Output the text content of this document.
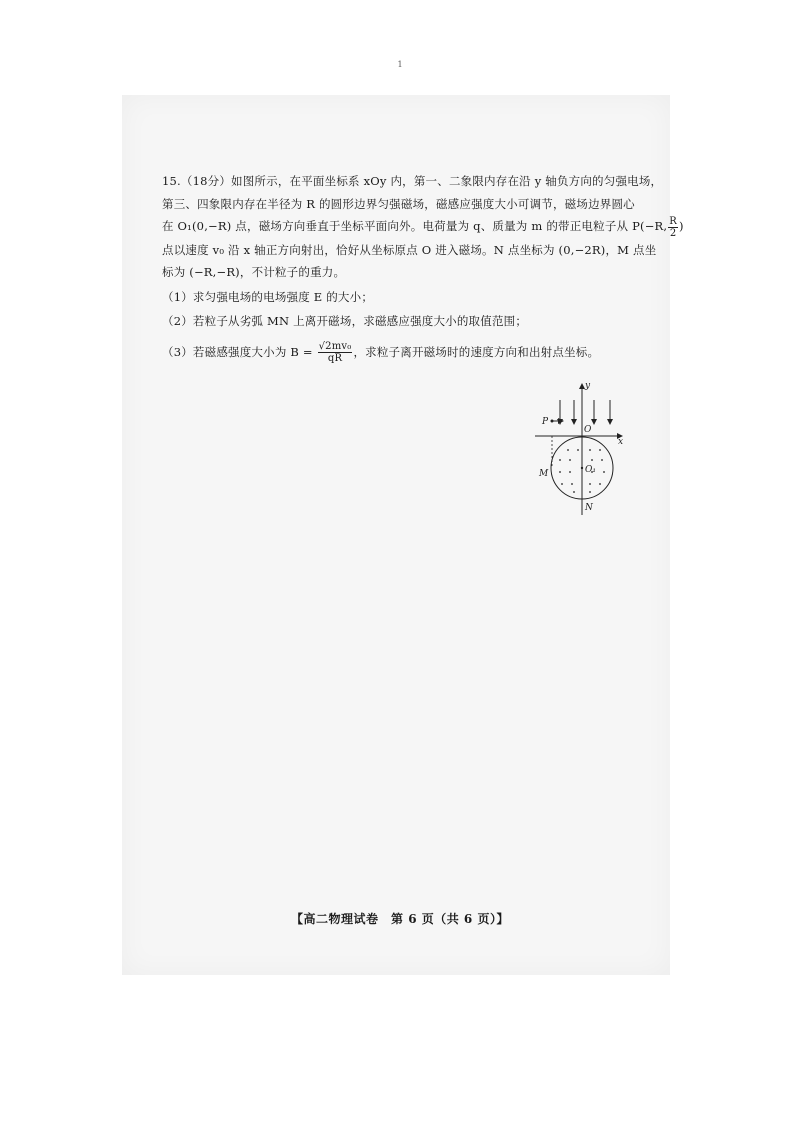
1
15.（18分）如图所示，在平面坐标系 xOy 内，第一、二象限内存在沿 y 轴负方向的匀强电场，
第三、四象限内存在半径为 R 的圆形边界匀强磁场，磁感应强度大小可调节，磁场边界圆心
在 O₁(0,−R) 点，磁场方向垂直于坐标平面向外。电荷量为 q、质量为 m 的带正电粒子从 P(−R, $\frac{R}{2}$ )
点以速度 v₀ 沿 x 轴正方向射出，恰好从坐标原点 O 进入磁场。N 点坐标为 (0,−2R)，M 点坐
标为 (−R,−R)，不计粒子的重力。
（1）求匀强电场的电场强度 E 的大小；
（2）若粒子从劣弧 MN 上离开磁场，求磁感应强度大小的取值范围；
（3）若磁感强度大小为 $B = \frac{\text{√2mv₀}}{qR}$ ，求粒子离开磁场时的速度方向和出射点坐标。
y
x
P
O
O₁
M
N
【高二物理试卷　第 6 页（共 6 页）】
